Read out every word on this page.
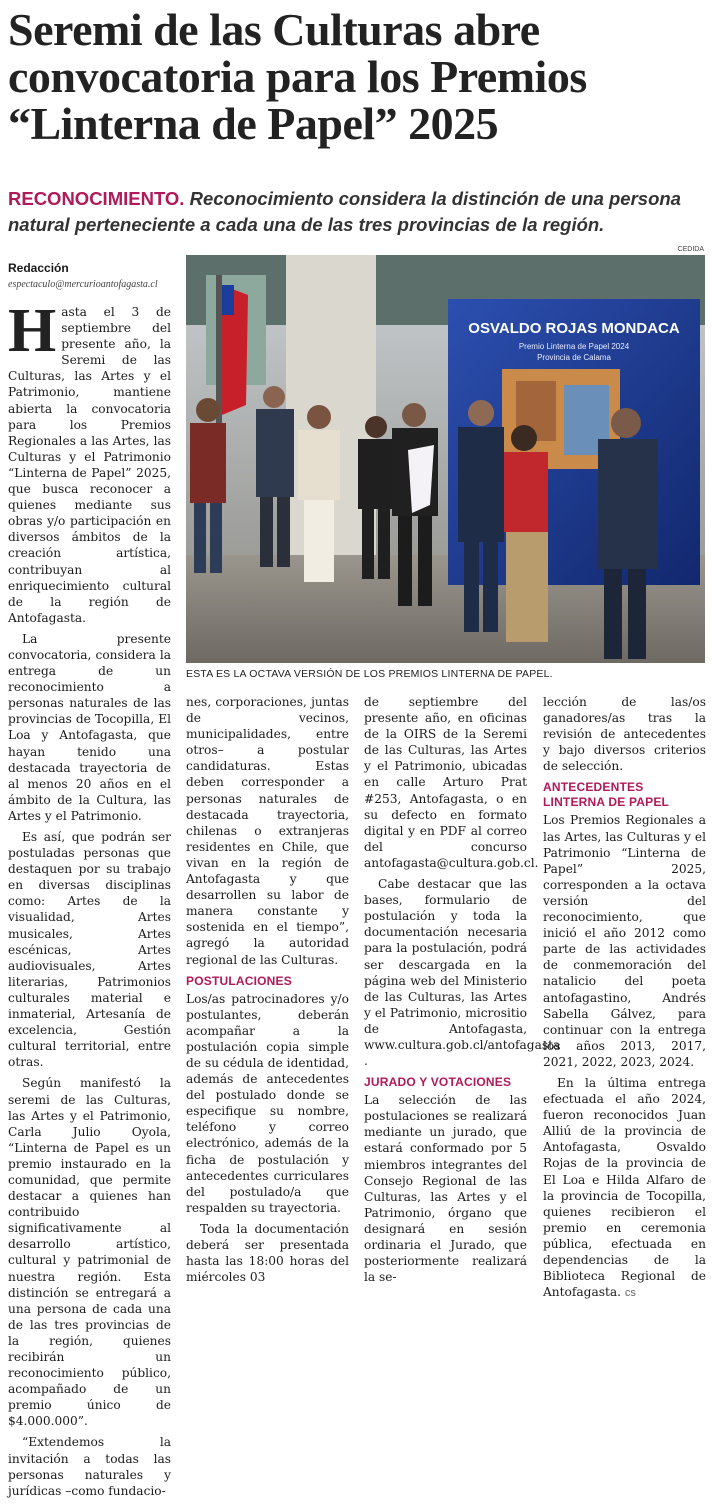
Seremi de las Culturas abre convocatoria para los Premios “Linterna de Papel” 2025

RECONOCIMIENTO. Reconocimiento considera la distinción de una persona natural perteneciente a cada una de las tres provincias de la región.

CEDIDA
Redacción
espectaculo@mercurioantofagasta.cl
OSVALDO ROJAS MONDACA
Premio Linterna de Papel 2024
Provincia de Calama
ESTA ES LA OCTAVA VERSIÓN DE LOS PREMIOS LINTERNA DE PAPEL.

Hasta el 3 de septiembre del presente año, la Seremi de las Culturas, las Artes y el Patrimonio, mantiene abierta la convocatoria para los Premios Regionales a las Artes, las Culturas y el Patrimonio “Linterna de Papel” 2025, que busca reconocer a quienes mediante sus obras y/o participación en diversos ámbitos de la creación artística, contribuyan al enriquecimiento cultural de la región de Antofagasta.

La presente convocatoria, considera la entrega de un reconocimiento a personas naturales de las provincias de Tocopilla, El Loa y Antofagasta, que hayan tenido una destacada trayectoria de al menos 20 años en el ámbito de la Cultura, las Artes y el Patrimonio.

Es así, que podrán ser postuladas personas que destaquen por su trabajo en diversas disciplinas como: Artes de la visualidad, Artes musicales, Artes escénicas, Artes audiovisuales, Artes literarias, Patrimonios culturales material e inmaterial, Artesanía de excelencia, Gestión cultural territorial, entre otras.

Según manifestó la seremi de las Culturas, las Artes y el Patrimonio, Carla Julio Oyola, “Linterna de Papel es un premio instaurado en la comunidad, que permite destacar a quienes han contribuido significativamente al desarrollo artístico, cultural y patrimonial de nuestra región. Esta distinción se entregará a una persona de cada una de las tres provincias de la región, quienes recibirán un reconocimiento público, acompañado de un premio único de $4.000.000”.

“Extendemos la invitación a todas las personas naturales y jurídicas –como fundacio-

nes, corporaciones, juntas de vecinos, municipalidades, entre otros– a postular candidaturas. Estas deben corresponder a personas naturales de destacada trayectoria, chilenas o extranjeras residentes en Chile, que vivan en la región de Antofagasta y que desarrollen su labor de manera constante y sostenida en el tiempo”, agregó la autoridad regional de las Culturas.

POSTULACIONES

Los/as patrocinadores y/o postulantes, deberán acompañar a la postulación copia simple de su cédula de identidad, además de antecedentes del postulado donde se especifique su nombre, teléfono y correo electrónico, además de la ficha de postulación y antecedentes curriculares del postulado/a que respalden su trayectoria.

Toda la documentación deberá ser presentada hasta las 18:00 horas del miércoles 03

de septiembre del presente año, en oficinas de la OIRS de la Seremi de las Culturas, las Artes y el Patrimonio, ubicadas en calle Arturo Prat #253, Antofagasta, o en su defecto en formato digital y en PDF al correo del concurso antofagasta@cultura.gob.cl.

Cabe destacar que las bases, formulario de postulación y toda la documentación necesaria para la postulación, podrá ser descargada en la página web del Ministerio de las Culturas, las Artes y el Patrimonio, micrositio de Antofagasta, www.cultura.gob.cl/antofagasta .

JURADO Y VOTACIONES

La selección de las postulaciones se realizará mediante un jurado, que estará conformado por 5 miembros integrantes del Consejo Regional de las Culturas, las Artes y el Patrimonio, órgano que designará en sesión ordinaria el Jurado, que posteriormente realizará la se-

lección de las/os ganadores/as tras la revisión de antecedentes y bajo diversos criterios de selección.

ANTECEDENTES LINTERNA DE PAPEL

Los Premios Regionales a las Artes, las Culturas y el Patrimonio “Linterna de Papel” 2025, corresponden a la octava versión del reconocimiento, que inició el año 2012 como parte de las actividades de conmemoración del natalicio del poeta antofagastino, Andrés Sabella Gálvez, para continuar con la entrega los años 2013, 2017, 2021, 2022, 2023, 2024.

En la última entrega efectuada el año 2024, fueron reconocidos Juan Alliú de la provincia de Antofagasta, Osvaldo Rojas de la provincia de El Loa e Hilda Alfaro de la provincia de Tocopilla, quienes recibieron el premio en ceremonia pública, efectuada en dependencias de la Biblioteca Regional de Antofagasta. cs
